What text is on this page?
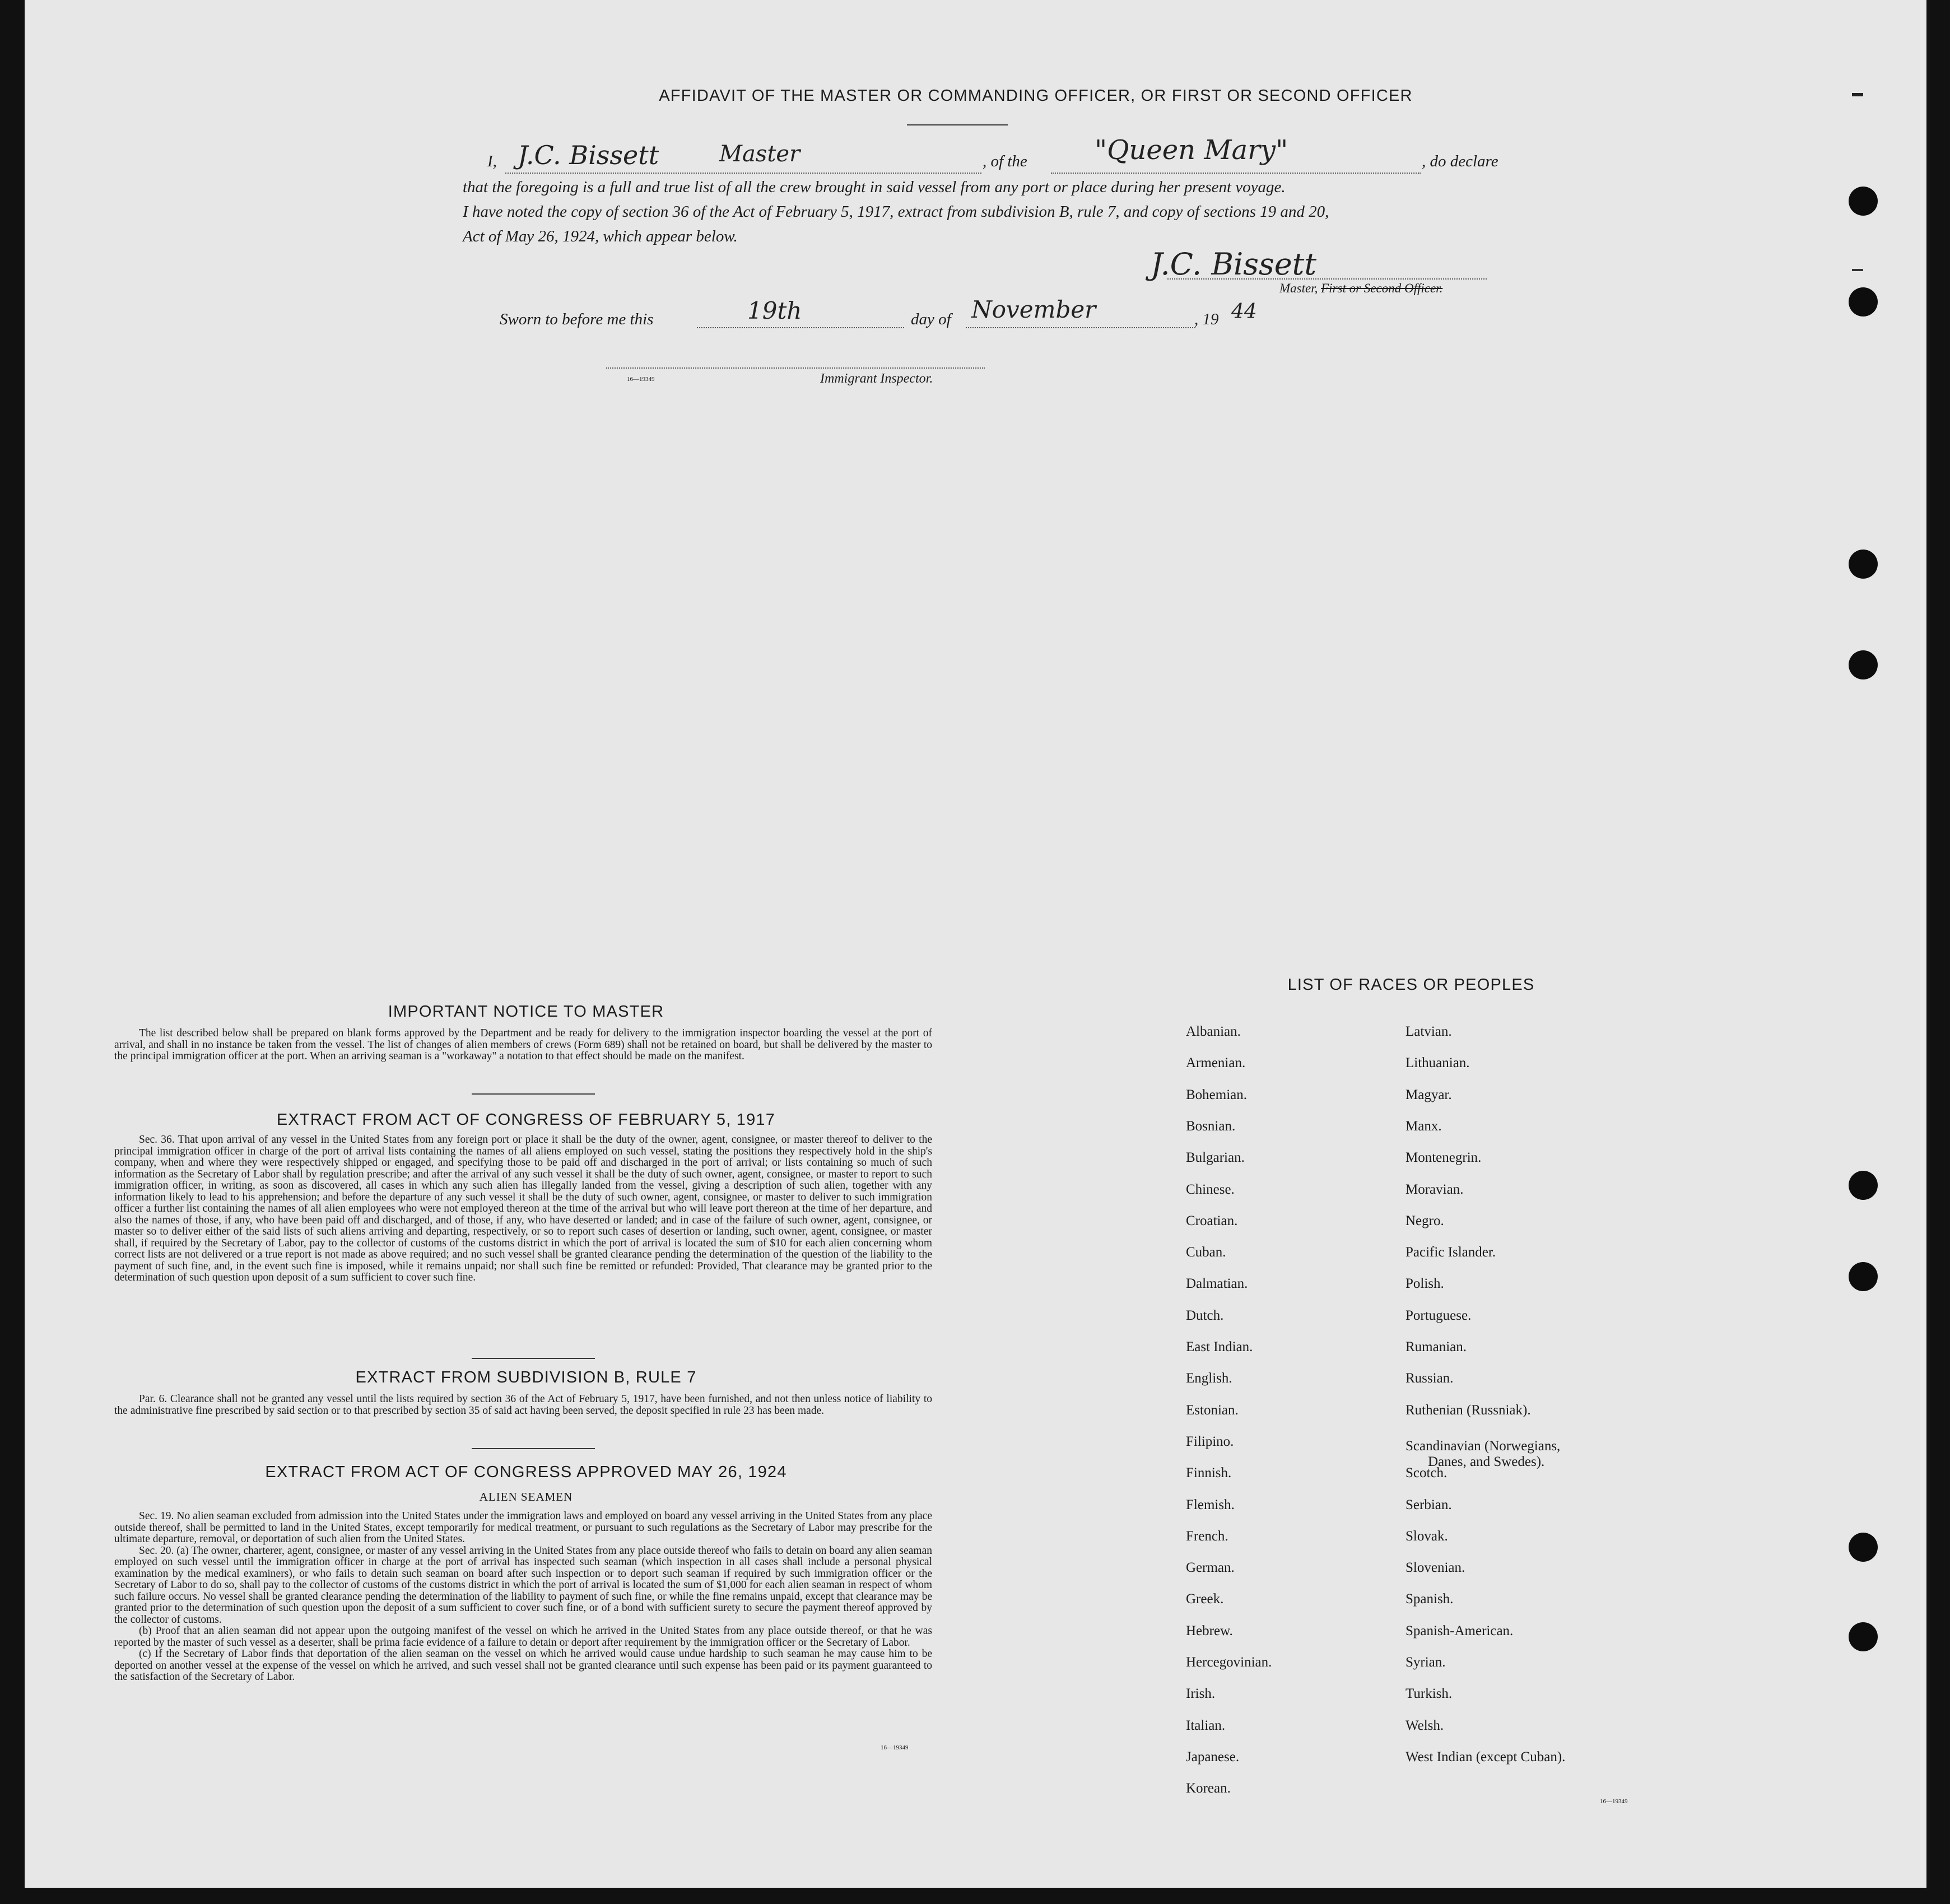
AFFIDAVIT OF THE MASTER OR COMMANDING OFFICER, OR FIRST OR SECOND OFFICER
I, J.C. Bissett	Master	, of the	"Queen Mary"	, do declare
that the foregoing is a full and true list of all the crew brought in said vessel from any port or place during her present voyage.
I have noted the copy of section 36 of the Act of February 5, 1917, extract from subdivision B, rule 7, and copy of sections 19 and 20,
Act of May 26, 1924, which appear below.
J.C. Bissett
Master, First or Second Officer.
Sworn to before me this	19th	day of November	, 19 44
16—19349	Immigrant Inspector.
IMPORTANT NOTICE TO MASTER

The list described below shall be prepared on blank forms approved by the Department and be ready for delivery to the immigration inspector boarding the vessel at the port of arrival, and shall in no instance be taken from the vessel. The list of changes of alien members of crews (Form 689) shall not be retained on board, but shall be delivered by the master to the principal immigration officer at the port. When an arriving seaman is a "workaway" a notation to that effect should be made on the manifest.

EXTRACT FROM ACT OF CONGRESS OF FEBRUARY 5, 1917

Sec. 36. That upon arrival of any vessel in the United States from any foreign port or place it shall be the duty of the owner, agent, consignee, or master thereof to deliver to the principal immigration officer in charge of the port of arrival lists containing the names of all aliens employed on such vessel, stating the positions they respectively hold in the ship's company, when and where they were respectively shipped or engaged, and specifying those to be paid off and discharged in the port of arrival; or lists containing so much of such information as the Secretary of Labor shall by regulation prescribe; and after the arrival of any such vessel it shall be the duty of such owner, agent, consignee, or master to report to such immigration officer, in writing, as soon as discovered, all cases in which any such alien has illegally landed from the vessel, giving a description of such alien, together with any information likely to lead to his apprehension; and before the departure of any such vessel it shall be the duty of such owner, agent, consignee, or master to deliver to such immigration officer a further list containing the names of all alien employees who were not employed thereon at the time of the arrival but who will leave port thereon at the time of her departure, and also the names of those, if any, who have been paid off and discharged, and of those, if any, who have deserted or landed; and in case of the failure of such owner, agent, consignee, or master so to deliver either of the said lists of such aliens arriving and departing, respectively, or so to report such cases of desertion or landing, such owner, agent, consignee, or master shall, if required by the Secretary of Labor, pay to the collector of customs of the customs district in which the port of arrival is located the sum of $10 for each alien concerning whom correct lists are not delivered or a true report is not made as above required; and no such vessel shall be granted clearance pending the determination of the question of the liability to the payment of such fine, and, in the event such fine is imposed, while it remains unpaid; nor shall such fine be remitted or refunded: Provided, That clearance may be granted prior to the determination of such question upon deposit of a sum sufficient to cover such fine.

EXTRACT FROM SUBDIVISION B, RULE 7

Par. 6. Clearance shall not be granted any vessel until the lists required by section 36 of the Act of February 5, 1917, have been furnished, and not then unless notice of liability to the administrative fine prescribed by said section or to that prescribed by section 35 of said act having been served, the deposit specified in rule 23 has been made.

EXTRACT FROM ACT OF CONGRESS APPROVED MAY 26, 1924
ALIEN SEAMEN

Sec. 19. No alien seaman excluded from admission into the United States under the immigration laws and employed on board any vessel arriving in the United States from any place outside thereof, shall be permitted to land in the United States, except temporarily for medical treatment, or pursuant to such regulations as the Secretary of Labor may prescribe for the ultimate departure, removal, or deportation of such alien from the United States.

Sec. 20. (a) The owner, charterer, agent, consignee, or master of any vessel arriving in the United States from any place outside thereof who fails to detain on board any alien seaman employed on such vessel until the immigration officer in charge at the port of arrival has inspected such seaman (which inspection in all cases shall include a personal physical examination by the medical examiners), or who fails to detain such seaman on board after such inspection or to deport such seaman if required by such immigration officer or the Secretary of Labor to do so, shall pay to the collector of customs of the customs district in which the port of arrival is located the sum of $1,000 for each alien seaman in respect of whom such failure occurs. No vessel shall be granted clearance pending the determination of the liability to payment of such fine, or while the fine remains unpaid, except that clearance may be granted prior to the determination of such question upon the deposit of a sum sufficient to cover such fine, or of a bond with sufficient surety to secure the payment thereof approved by the collector of customs.

(b) Proof that an alien seaman did not appear upon the outgoing manifest of the vessel on which he arrived in the United States from any place outside thereof, or that he was reported by the master of such vessel as a deserter, shall be prima facie evidence of a failure to detain or deport after requirement by the immigration officer or the Secretary of Labor.

(c) If the Secretary of Labor finds that deportation of the alien seaman on the vessel on which he arrived would cause undue hardship to such seaman he may cause him to be deported on another vessel at the expense of the vessel on which he arrived, and such vessel shall not be granted clearance until such expense has been paid or its payment guaranteed to the satisfaction of the Secretary of Labor.

16—19349
LIST OF RACES OR PEOPLES
16—19349
Albanian.
Armenian.
Bohemian.
Bosnian.
Bulgarian.
Chinese.
Croatian.
Cuban.
Dalmatian.
Dutch.
East Indian.
English.
Estonian.
Filipino.
Finnish.
Flemish.
French.
German.
Greek.
Hebrew.
Hercegovinian.
Irish.
Italian.
Japanese.
Korean.
Latvian.
Lithuanian.
Magyar.
Manx.
Montenegrin.
Moravian.
Negro.
Pacific Islander.
Polish.
Portuguese.
Rumanian.
Russian.
Ruthenian (Russniak).
Scandinavian (Norwegians,
Danes, and Swedes).
Scotch.
Serbian.
Slovak.
Slovenian.
Spanish.
Spanish-American.
Syrian.
Turkish.
Welsh.
West Indian (except Cuban).
